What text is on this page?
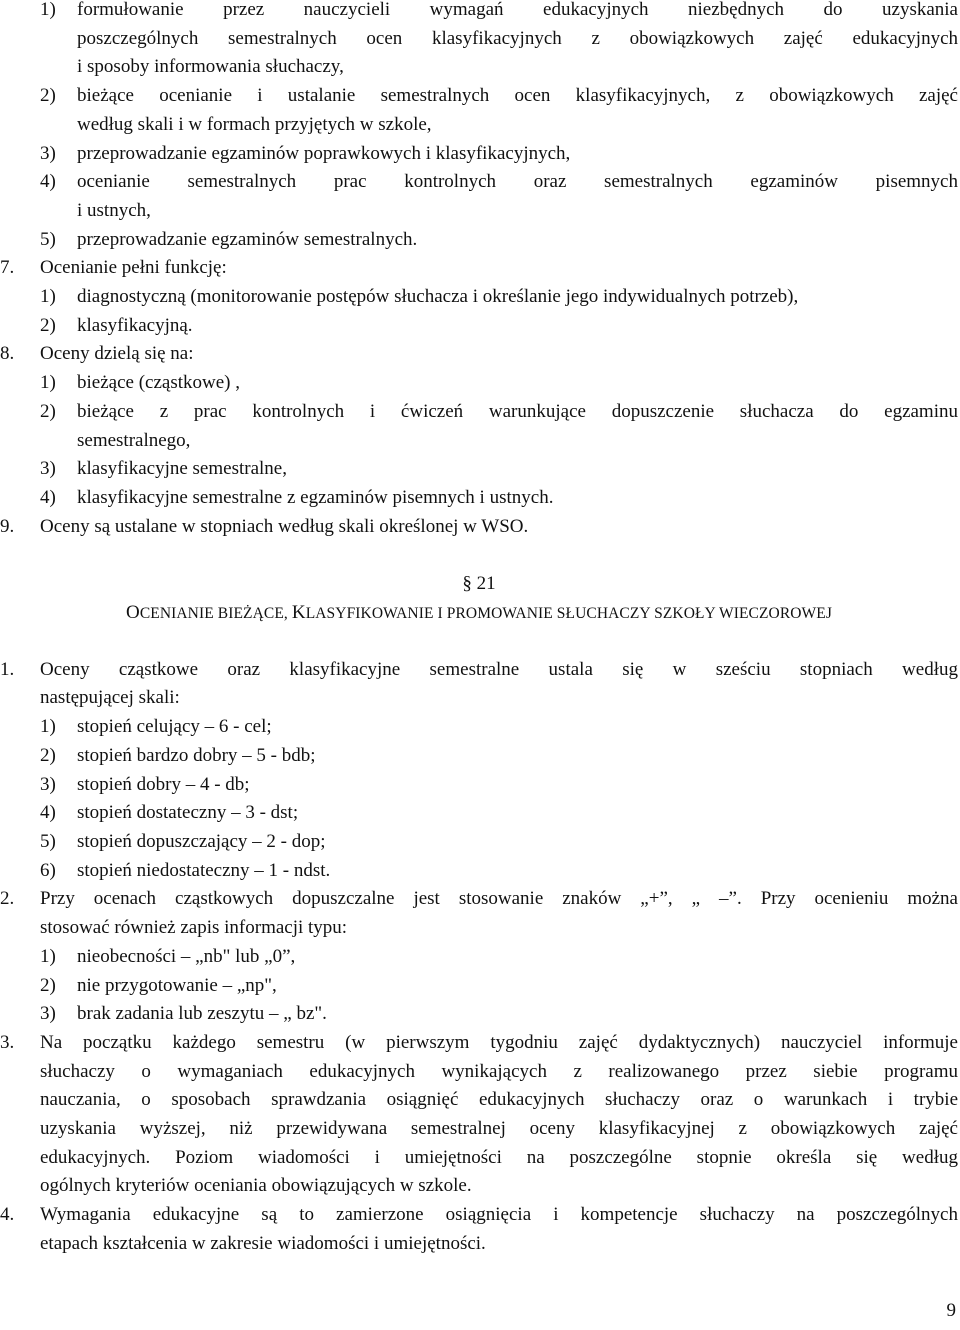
1) formułowanie przez nauczycieli wymagań edukacyjnych niezbędnych do uzyskania
poszczególnych semestralnych ocen klasyfikacyjnych z obowiązkowych zajęć edukacyjnych
i sposoby informowania słuchaczy,
2) bieżące ocenianie i ustalanie semestralnych ocen klasyfikacyjnych, z obowiązkowych zajęć
według skali i w formach przyjętych w szkole,
3) przeprowadzanie egzaminów poprawkowych i klasyfikacyjnych,
4) ocenianie semestralnych prac kontrolnych oraz semestralnych egzaminów pisemnych
i ustnych,
5) przeprowadzanie egzaminów semestralnych.
7. Ocenianie pełni funkcję:
1) diagnostyczną (monitorowanie postępów słuchacza i określanie jego indywidualnych potrzeb),
2) klasyfikacyjną.
8. Oceny dzielą się na:
1) bieżące (cząstkowe) ,
2) bieżące z prac kontrolnych i ćwiczeń warunkujące dopuszczenie słuchacza do egzaminu
semestralnego,
3) klasyfikacyjne semestralne,
4) klasyfikacyjne semestralne z egzaminów pisemnych i ustnych.
9. Oceny są ustalane w stopniach według skali określonej w WSO.
§ 21
OCENIANIE BIEŻĄCE, KLASYFIKOWANIE I PROMOWANIE SŁUCHACZY SZKOŁY WIECZOROWEJ
1. Oceny cząstkowe oraz klasyfikacyjne semestralne ustala się w sześciu stopniach według
następującej skali:
1) stopień celujący – 6 - cel;
2) stopień bardzo dobry – 5 - bdb;
3) stopień dobry – 4 - db;
4) stopień dostateczny – 3 - dst;
5) stopień dopuszczający – 2 - dop;
6) stopień niedostateczny – 1 - ndst.
2. Przy ocenach cząstkowych dopuszczalne jest stosowanie znaków „+”, „ –”. Przy ocenieniu można
stosować również zapis informacji typu:
1) nieobecności – „nb" lub „0”,
2) nie przygotowanie – „np",
3) brak zadania lub zeszytu – „ bz".
3. Na początku każdego semestru (w pierwszym tygodniu zajęć dydaktycznych) nauczyciel informuje
słuchaczy o wymaganiach edukacyjnych wynikających z realizowanego przez siebie programu
nauczania, o sposobach sprawdzania osiągnięć edukacyjnych słuchaczy oraz o warunkach i trybie
uzyskania wyższej, niż przewidywana semestralnej oceny klasyfikacyjnej z obowiązkowych zajęć
edukacyjnych. Poziom wiadomości i umiejętności na poszczególne stopnie określa się według
ogólnych kryteriów oceniania obowiązujących w szkole.
4. Wymagania edukacyjne są to zamierzone osiągnięcia i kompetencje słuchaczy na poszczególnych
etapach kształcenia w zakresie wiadomości i umiejętności.
9
